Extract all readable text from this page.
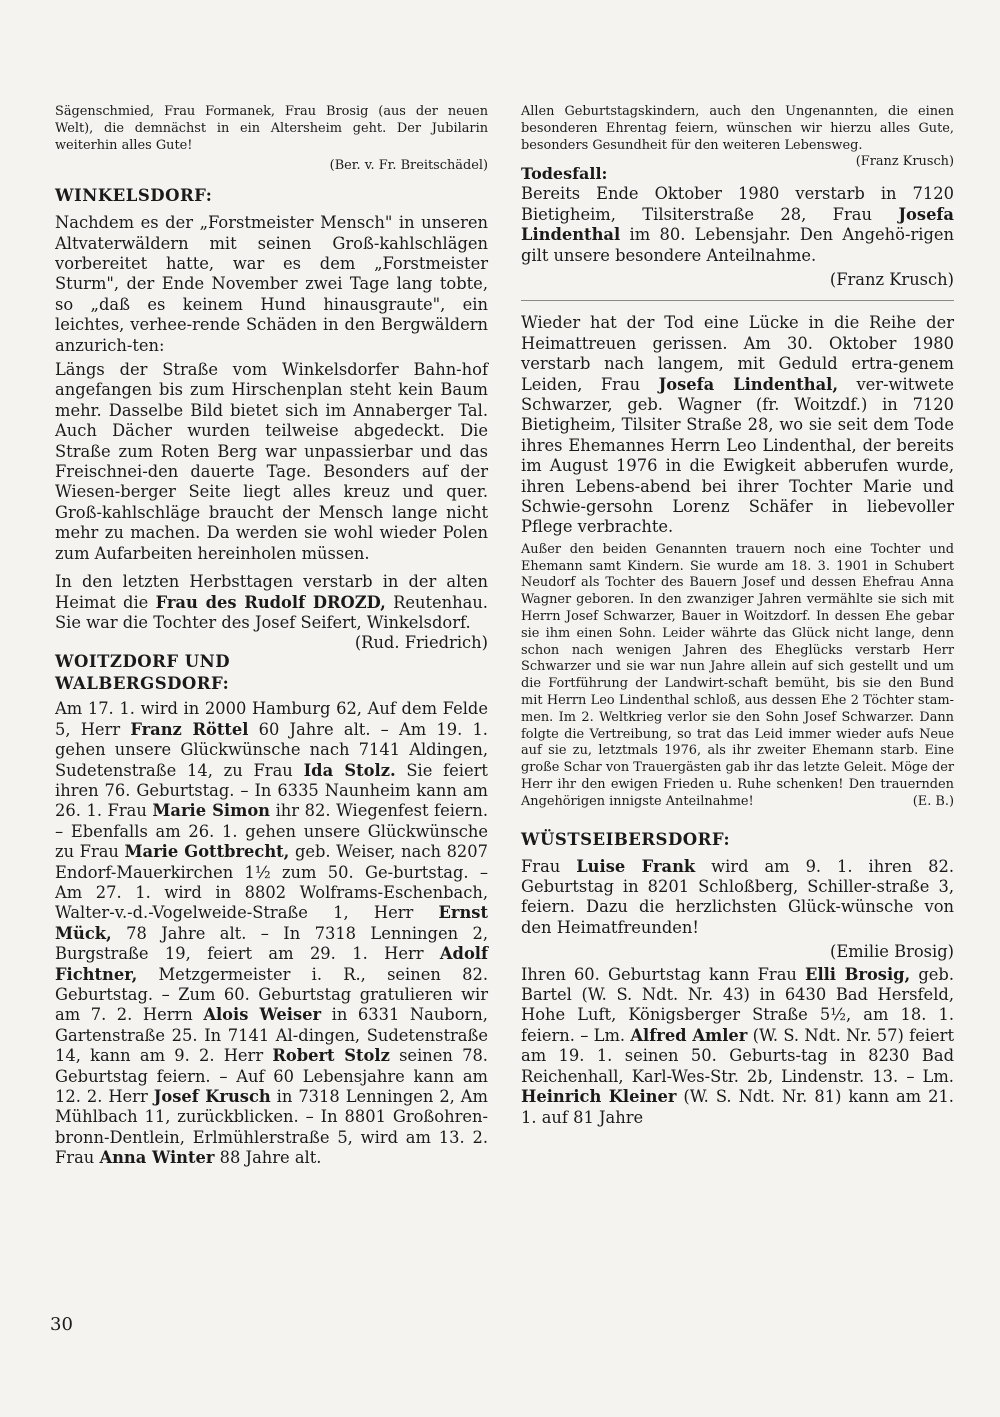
Sägenschmied, Frau Formanek, Frau Brosig (aus der neuen Welt), die demnächst in ein Altersheim geht. Der Jubilarin weiterhin alles Gute!

(Ber. v. Fr. Breitschädel)

WINKELSDORF:

Nachdem es der „Forstmeister Mensch" in unseren Altvaterwäldern mit seinen Groß-kahlschlägen vorbereitet hatte, war es dem „Forstmeister Sturm", der Ende November zwei Tage lang tobte, so „daß es keinem Hund hinausgraute", ein leichtes, verhee-rende Schäden in den Bergwäldern anzurich-ten:

Längs der Straße vom Winkelsdorfer Bahn-hof angefangen bis zum Hirschenplan steht kein Baum mehr. Dasselbe Bild bietet sich im Annaberger Tal. Auch Dächer wurden teilweise abgedeckt. Die Straße zum Roten Berg war unpassierbar und das Freischnei-den dauerte Tage. Besonders auf der Wiesen-berger Seite liegt alles kreuz und quer. Groß-kahlschläge braucht der Mensch lange nicht mehr zu machen. Da werden sie wohl wieder Polen zum Aufarbeiten hereinholen müssen.

In den letzten Herbsttagen verstarb in der alten Heimat die Frau des Rudolf DROZD, Reutenhau. Sie war die Tochter des Josef Seifert, Winkelsdorf.
(Rud. Friedrich)

WOITZDORF UND WALBERGSDORF:

Am 17. 1. wird in 2000 Hamburg 62, Auf dem Felde 5, Herr Franz Röttel 60 Jahre alt. – Am 19. 1. gehen unsere Glückwünsche nach 7141 Aldingen, Sudetenstraße 14, zu Frau Ida Stolz. Sie feiert ihren 76. Geburtstag. – In 6335 Naunheim kann am 26. 1. Frau Marie Simon ihr 82. Wiegenfest feiern. – Ebenfalls am 26. 1. gehen unsere Glückwünsche zu Frau Marie Gottbrecht, geb. Weiser, nach 8207 Endorf-Mauerkirchen 1½ zum 50. Ge-burtstag. – Am 27. 1. wird in 8802 Wolframs-Eschenbach, Walter-v.-d.-Vogelweide-Straße 1, Herr Ernst Mück, 78 Jahre alt. – In 7318 Lenningen 2, Burgstraße 19, feiert am 29. 1. Herr Adolf Fichtner, Metzgermeister i. R., seinen 82. Geburtstag. – Zum 60. Geburtstag gratulieren wir am 7. 2. Herrn Alois Weiser in 6331 Nauborn, Gartenstraße 25. In 7141 Al-dingen, Sudetenstraße 14, kann am 9. 2. Herr Robert Stolz seinen 78. Geburtstag feiern. – Auf 60 Lebensjahre kann am 12. 2. Herr Josef Krusch in 7318 Lenningen 2, Am Mühlbach 11, zurückblicken. – In 8801 Großohren-bronn-Dentlein, Erlmühlerstraße 5, wird am 13. 2. Frau Anna Winter 88 Jahre alt.

Allen Geburtstagskindern, auch den Ungenannten, die einen besonderen Ehrentag feiern, wünschen wir hierzu alles Gute, besonders Gesundheit für den weiteren Lebensweg.
(Franz Krusch)

Todesfall:

Bereits Ende Oktober 1980 verstarb in 7120 Bietigheim, Tilsiterstraße 28, Frau Josefa Lindenthal im 80. Lebensjahr. Den Angehö-rigen gilt unsere besondere Anteilnahme.

(Franz Krusch)

Wieder hat der Tod eine Lücke in die Reihe der Heimattreuen gerissen. Am 30. Oktober 1980 verstarb nach langem, mit Geduld ertra-genem Leiden, Frau Josefa Lindenthal, ver-witwete Schwarzer, geb. Wagner (fr. Woitzdf.) in 7120 Bietigheim, Tilsiter Straße 28, wo sie seit dem Tode ihres Ehemannes Herrn Leo Lindenthal, der bereits im August 1976 in die Ewigkeit abberufen wurde, ihren Lebens-abend bei ihrer Tochter Marie und Schwie-gersohn Lorenz Schäfer in liebevoller Pflege verbrachte.

Außer den beiden Genannten trauern noch eine Tochter und Ehemann samt Kindern. Sie wurde am 18. 3. 1901 in Schubert Neudorf als Tochter des Bauern Josef und dessen Ehefrau Anna Wagner geboren. In den zwanziger Jahren vermählte sie sich mit Herrn Josef Schwarzer, Bauer in Woitzdorf. In dessen Ehe gebar sie ihm einen Sohn. Leider währte das Glück nicht lange, denn schon nach wenigen Jahren des Eheglücks verstarb Herr Schwarzer und sie war nun Jahre allein auf sich gestellt und um die Fortführung der Landwirt-schaft bemüht, bis sie den Bund mit Herrn Leo Lindenthal schloß, aus dessen Ehe 2 Töchter stam-men. Im 2. Weltkrieg verlor sie den Sohn Josef Schwarzer. Dann folgte die Vertreibung, so trat das Leid immer wieder aufs Neue auf sie zu, letztmals 1976, als ihr zweiter Ehemann starb. Eine große Schar von Trauergästen gab ihr das letzte Geleit. Möge der Herr ihr den ewigen Frieden u. Ruhe schenken! Den trauernden Angehörigen innigste Anteilnahme!	(E. B.)

WÜSTSEIBERSDORF:

Frau Luise Frank wird am 9. 1. ihren 82. Geburtstag in 8201 Schloßberg, Schiller-straße 3, feiern. Dazu die herzlichsten Glück-wünsche von den Heimatfreunden!

(Emilie Brosig)

Ihren 60. Geburtstag kann Frau Elli Brosig, geb. Bartel (W. S. Ndt. Nr. 43) in 6430 Bad Hersfeld, Hohe Luft, Königsberger Straße 5½, am 18. 1. feiern. – Lm. Alfred Amler (W. S. Ndt. Nr. 57) feiert am 19. 1. seinen 50. Geburts-tag in 8230 Bad Reichenhall, Karl-Wes-Str. 2b, Lindenstr. 13. – Lm. Heinrich Kleiner (W. S. Ndt. Nr. 81) kann am 21. 1. auf 81 Jahre

30
